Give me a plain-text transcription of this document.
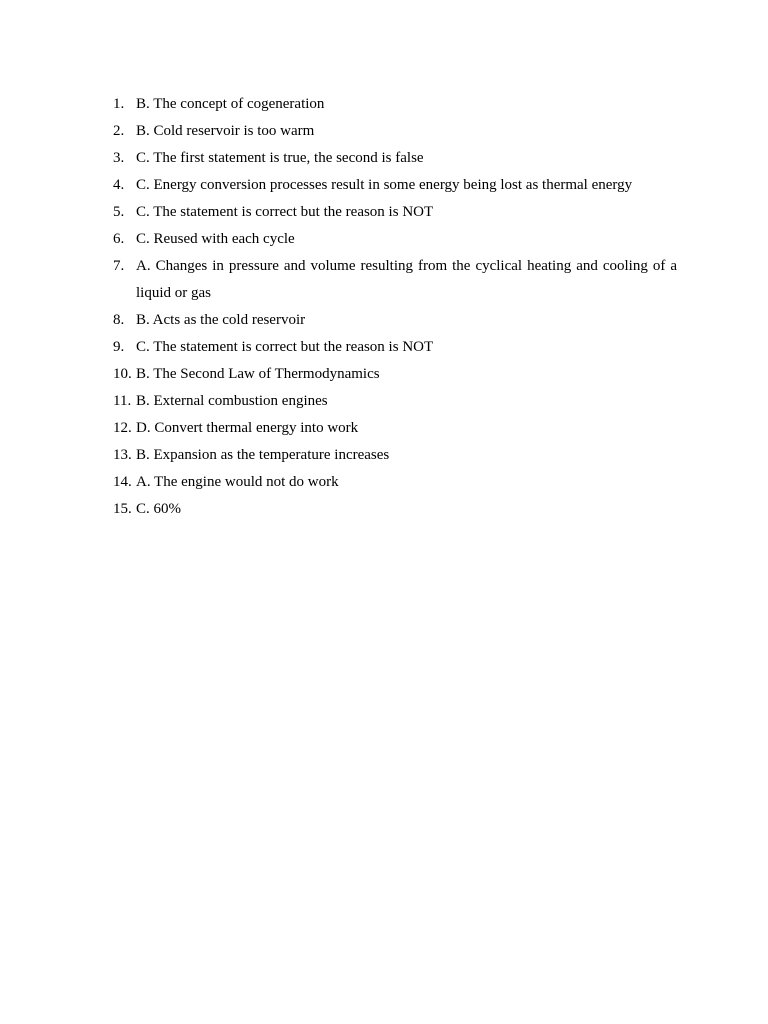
1. B. The concept of cogeneration
2. B. Cold reservoir is too warm
3. C. The first statement is true, the second is false
4. C. Energy conversion processes result in some energy being lost as thermal energy
5. C. The statement is correct but the reason is NOT
6. C. Reused with each cycle
7. A. Changes in pressure and volume resulting from the cyclical heating and cooling of a liquid or gas
8. B. Acts as the cold reservoir
9. C. The statement is correct but the reason is NOT
10. B. The Second Law of Thermodynamics
11. B. External combustion engines
12. D. Convert thermal energy into work
13. B. Expansion as the temperature increases
14. A. The engine would not do work
15. C. 60%
